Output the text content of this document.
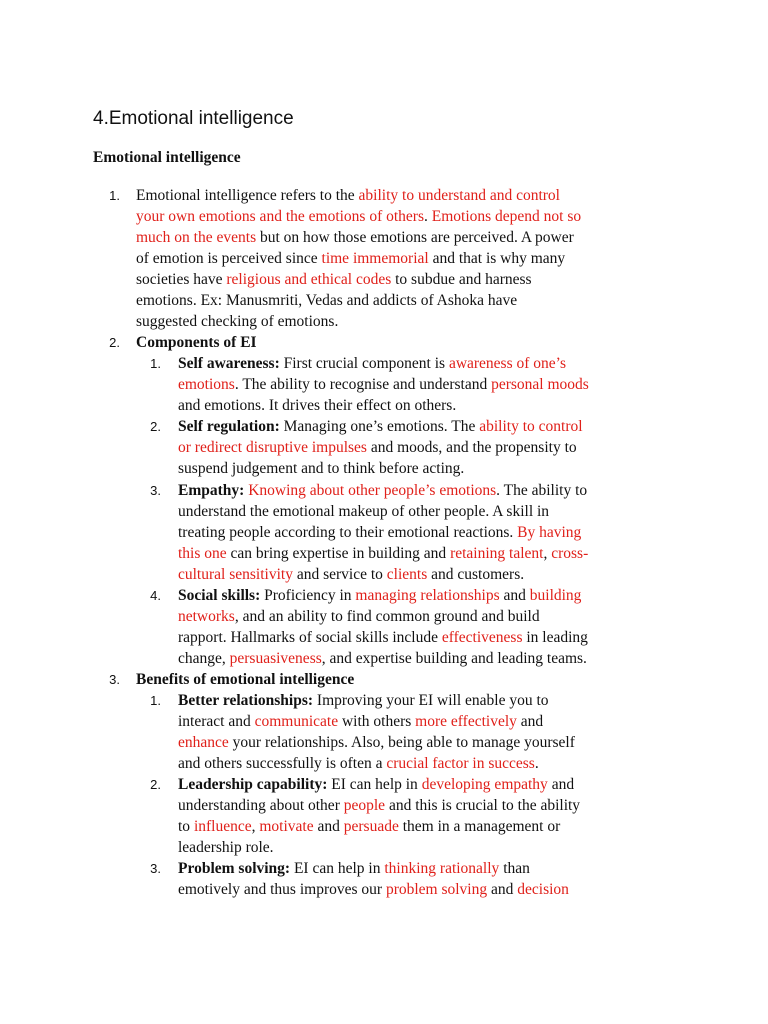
4.Emotional intelligence
Emotional intelligence
Emotional intelligence refers to the ability to understand and control
your own emotions and the emotions of others. Emotions depend not so
much on the events but on how those emotions are perceived. A power
of emotion is perceived since time immemorial and that is why many
societies have religious and ethical codes to subdue and harness
emotions. Ex: Manusmriti, Vedas and addicts of Ashoka have
suggested checking of emotions.
Components of EI
Self awareness: First crucial component is awareness of one’s
emotions. The ability to recognise and understand personal moods
and emotions. It drives their effect on others.
Self regulation: Managing one’s emotions. The ability to control
or redirect disruptive impulses and moods, and the propensity to
suspend judgement and to think before acting.
Empathy: Knowing about other people’s emotions. The ability to
understand the emotional makeup of other people. A skill in
treating people according to their emotional reactions. By having
this one can bring expertise in building and retaining talent, cross-
cultural sensitivity and service to clients and customers.
Social skills: Proficiency in managing relationships and building
networks, and an ability to find common ground and build
rapport. Hallmarks of social skills include effectiveness in leading
change, persuasiveness, and expertise building and leading teams.
Benefits of emotional intelligence
Better relationships: Improving your EI will enable you to
interact and communicate with others more effectively and
enhance your relationships. Also, being able to manage yourself
and others successfully is often a crucial factor in success.
Leadership capability: EI can help in developing empathy and
understanding about other people and this is crucial to the ability
to influence, motivate and persuade them in a management or
leadership role.
Problem solving: EI can help in thinking rationally than
emotively and thus improves our problem solving and decision
1.
2.
3.
1.
2.
3.
4.
1.
2.
3.
